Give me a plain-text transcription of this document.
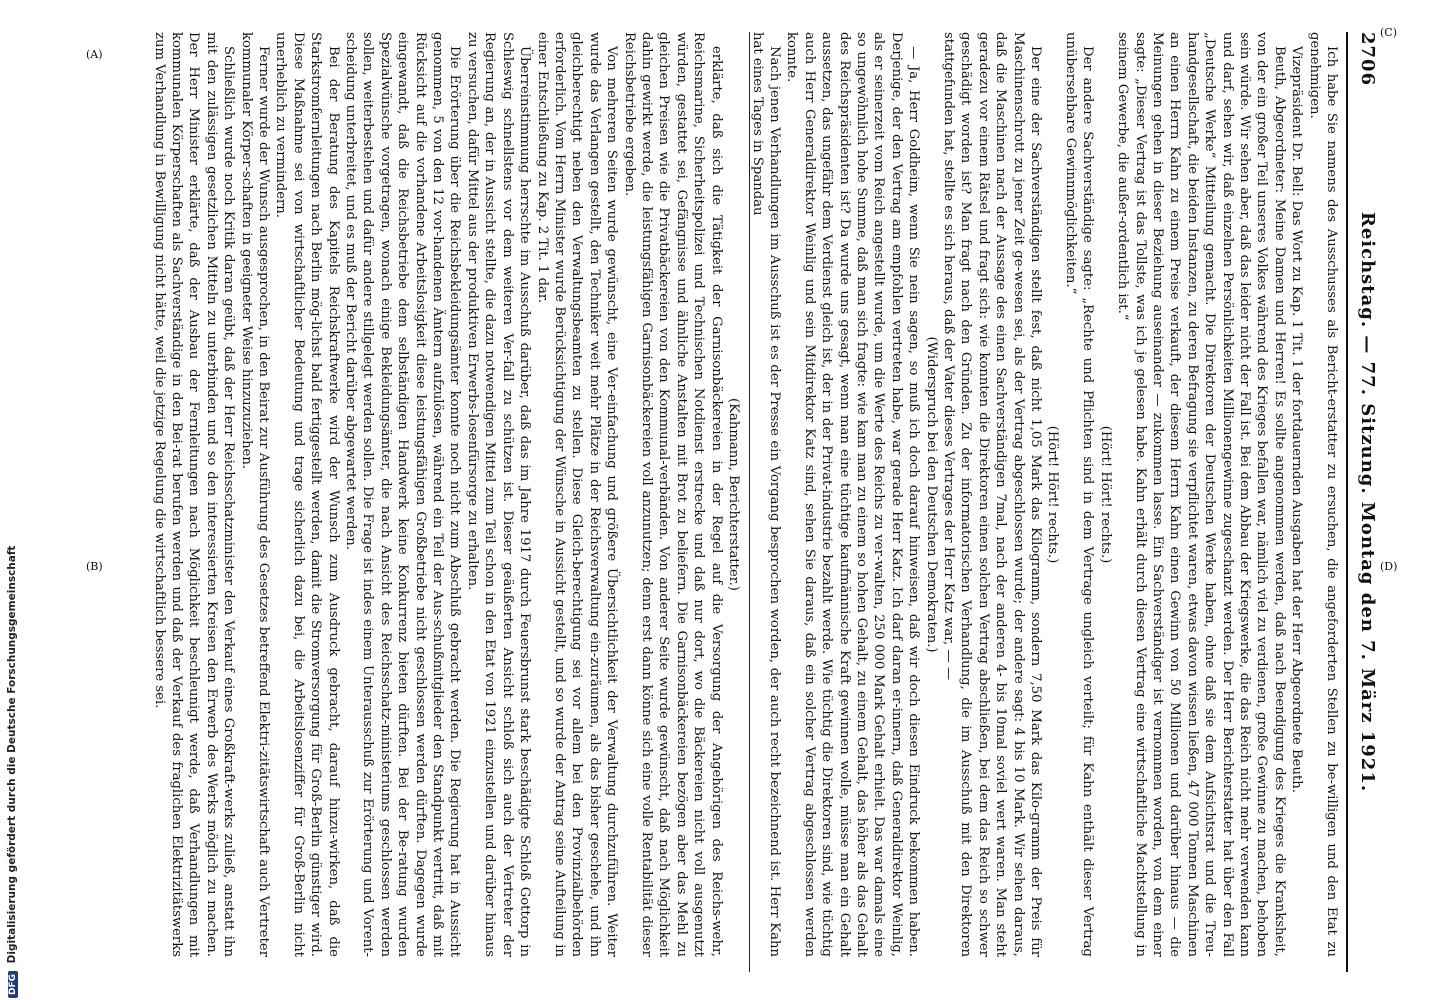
2706
Reichstag. — 77. Sitzung. Montag den 7. März 1921.

Ich habe Sie namens des Ausschusses als Bericht-erstatter zu ersuchen, die angeforderten Stellen zu be-willigen und den Etat zu genehmigen.

Vizepräsident Dr. Bell: Das Wort zu Kap. 1 Tit. 1 der fortdauernden Ausgaben hat der Herr Abgeordnete Beuth.

Beuth, Abgeordneter: Meine Damen und Herren! Es sollte angenommen werden, daß nach Beendigung des Krieges die Kranksheit, von der ein großer Teil unseres Volkes während des Krieges befallen war, nämlich viel zu verdienen, große Gewinne zu machen, behoben sein würde. Wir sehen aber, daß das leider nicht der Fall ist. Bei dem Abbau der Kriegswerke, die das Reich nicht mehr verwenden kann und darf, sehen wir, daß einzelnen Persönlichkeiten Millionengewinne zugeschanzt werden. Der Herr Berichterstatter hat über den Fall „Deutsche Werke“ Mitteilung gemacht. Die Direktoren der Deutschen Werke haben, ohne daß sie dem Aufsichtsrat und die Treu-handgesellschaft, die beiden Instanzen, zu deren Befragung sie verpflichtet waren, etwas davon wissen ließen, 47 000 Tonnen Maschinen an einen Herrn Kahn zu einem Preise verkauft, der diesem Herrn Kahn einen Gewinn von 50 Millionen und darüber hinaus — die Meinungen gehen in dieser Beziehung auseinander — zukommen lasse. Ein Sachverständiger ist vernommen worden, von dem einer sagte: „Dieser Vertrag ist das Tollste, was ich je gelesen habe. Kahn erhält durch diesen Vertrag eine wirtschaftliche Machtstellung in seinem Gewerbe, die außer-ordentlich ist.“

(Hört! Hört! rechts.)

Der andere Sachverständige sagte: „Rechte und Pflichten sind in dem Vertrage ungleich verteilt; für Kahn enthält dieser Vertrag unübersehbare Gewinnmöglichkeiten.“

(Hört! Hört! rechts.)

Der eine der Sachverständigen stellt fest, daß nicht 1,05 Mark das Kilogramm, sondern 7,50 Mark das Kilo-gramm der Preis für Maschinenschrott zu jener Zeit ge-wesen sei, als der Vertrag abgeschlossen wurde; der andere sagt: 4 bis 10 Mark. Wir sehen daraus, daß die Maschinen nach der Aussage des einen Sachverständigen 7mal, nach der anderen 4- bis 10mal soviel wert waren. Man steht geradezu vor einem Rätsel und fragt sich: wie konnten die Direktoren einen solchen Vertrag abschließen, bei dem das Reich so schwer geschädigt worden ist? Man fragt nach den Gründen. Zu der informatorischen Verhandlung, die im Ausschuß mit den Direktoren stattgefunden hat, stellte es sich heraus, daß der Vater dieses Vertrages der Herr Katz war, — —

(Widerspruch bei den Deutschen Demokraten.)

— Ja, Herr Goldheim, wenn Sie nein sagen, so muß ich doch darauf hinweisen, daß wir doch diesen Eindruck bekommen haben. Derjenige, der den Vertrag am empfohlen vertreten habe, war gerade Herr Katz. Ich darf daran er-innern, daß Generaldirektor Weinlig, als er seinerzeit vom Reich angestellt wurde, um die Werte des Reichs zu ver-walten, 250 000 Mark Gehalt erhielt. Das war damals eine so ungewöhnlich hohe Summe, daß man sich fragte: wie kam man zu einem so hohen Gehalt, zu einem Gehalt, das höher als das Gehalt des Reichspräsidenten ist? Da wurde uns gesagt, wenn man eine tüchtige kaufmännische Kraft gewinnen wolle, müsse man ein Gehalt aussetzen, das ungefähr dem Verdienst gleich ist, der in der Privat-industrie bezahlt werde. Wie tüchtig die Direktoren sind, wie tüchtig auch Herr Generaldirektor Weinlig und sein Mitdirektor Katz sind, sehen Sie daraus, daß ein solcher Vertrag abgeschlossen werden konnte.

Nach jenen Verhandlungen im Ausschuß ist es der Presse ein Vorgang besprochen worden, der auch recht bezeichnend ist. Herr Kahn hat eines Tages in Spandau

(Kahmann, Berichterstatter.)

erklärte, daß sich die Tätigkeit der Garnisonbäckereien in der Regel auf die Versorgung der Angehörigen des Reichs-wehr, Reichsmarine, Sicherheitspolizei und Technischen Notdienst erstrecke und daß nur dort, wo die Bäckereien nicht voll ausgenutzt würden, gestattet sei, Gefängnisse und ähnliche Anstalten mit Brot zu beliefern. Die Garnisonbäckereien bezögen aber das Mehl zu gleichen Preisen wie die Privatbäckereien von den Kommunal-verbänden. Von anderer Seite wurde gewünscht, daß nach Möglichkeit dahin gewirkt werde, die leistungsfähigen Garnisonbäckereien voll anzunutzen; denn erst dann könne sich eine volle Rentabilität dieser Reichsbetriebe ergeben.

Von mehreren Seiten wurde gewünscht, eine Ver-einfachung und größere Übersichtlichkeit der Verwaltung durchzuführen. Weiter wurde das Verlangen gestellt, den Techniker weit mehr Plätze in der Reichsverwaltung ein-zuräumen, als das bisher geschehe, und ihn gleichberechtigt neben den Verwaltungsbeamten zu stellen. Diese Gleich-berechtigung sei vor allem bei den Provinzialbehörden erforderlich. Vom Herrn Minister wurde Berücksichtigung der Wünsche in Aussicht gestellt, und so wurde der Antrag seine Aufteilung in einer Entschließung zu Kap. 2 Tit. 1 dar.

Überreinstimmung herrschte im Ausschuß darüber, daß das im Jahre 1917 durch Feuersbrunst stark beschädigte Schloß Gottorp in Schleswig schnellstens vor dem weiteren Ver-fall zu schützen ist. Dieser geäußerten Ansicht schloß sich auch der Vertreter der Regierung an, der in Aussicht stellte, die dazu notwendigen Mittel zum Teil schon in den Etat von 1921 einzustellen und darüber hinaus zu versuchen, dafür Mittel aus der produktiven Erwerbs-losenfürsorge zu erhalten.

Die Erörterung über die Reichsbekleidungsämter konnte noch nicht zum Abschluß gebracht werden. Die Regierung hat in Aussicht genommen, 5 von den 12 vor-handenen Ämtern aufzulösen, während ein Teil der Aus-schußmitglieder den Standpunkt vertritt, daß mit Rücksicht auf die vorhandene Arbeitslosigkeit diese leistungsfähigen Großbetriebe nicht geschlossen werden dürften. Dagegen wurde eingewandt, daß die Reichsbetriebe dem selbständigen Handwerk keine Konkurrenz bieten dürften. Bei der Be-ratung wurden Spezialwünsche vorgetragen, wonach einige Bekleidungsämter, die nach Ansicht des Reichsschatz-ministeriums geschlossen werden sollen, weiterbestehen und dafür andere stillgelegt werden sollen. Die Frage ist indes einem Unterausschuß zur Erörterung und Vorent-scheidung unterbreitet, und es muß der Bericht darüber abgewartet werden.

Bei der Beratung des Kapitels Reichskraftwerke wird der Wunsch zum Ausdruck gebracht, darauf hinzu-wirken, daß die Starkstromfernleitungen nach Berlin mög-lichst bald fertiggestellt werden, damit die Stromversorgung für Groß-Berlin günstiger wird. Diese Maßnahme sei von wirtschaftlicher Bedeutung und trage sicherlich dazu bei, die Arbeitslosenziffer für Groß-Berlin nicht unerheblich zu vermindern.

Ferner wurde der Wunsch ausgesprochen, in den Beirat zur Ausführung des Gesetzes betreffend Elektri-zitätswirtschaft auch Vertreter kommunaler Körper-schaften in geeigneter Weise hinzuzuziehen.

Schließlich wurde noch Kritik daran geübt, daß der Herr Reichsschatzminister den Verkauf eines Großkraft-werks zuließ, anstatt ihn mit den zulässigen gesetzlichen Mitteln zu unterbinden und so den interessierten Kreisen den Erwerb des Werks möglich zu machen. Der Herr Minister erklärte, daß der Ausbau der Fernleitungen nach Möglichkeit beschleunigt werde, daß Verhandlungen mit kommunalen Körperschaften als Sachverständige in den Bei-rat berufen werden und daß der Verkauf des fraglichen Elektrizitätswerks zum Verhandlung in Bewilligung nicht hätte, weil die jetzige Regelung die wirtschaftlich bessere sei.	(C)
(D)
(A)
(B)
DFG Digitalisierung gefördert durch die Deutsche Forschungsgemeinschaft
